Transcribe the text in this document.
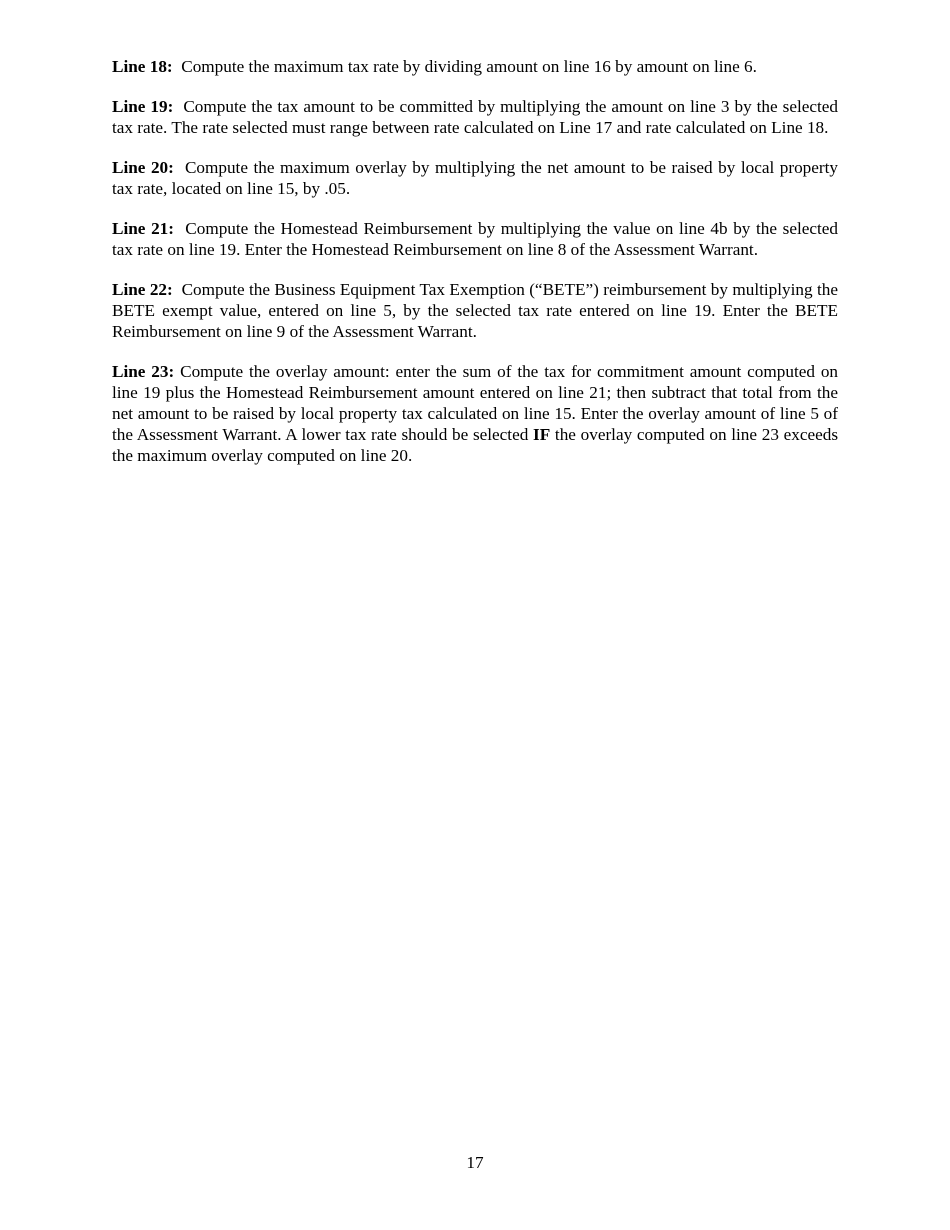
Line 18: Compute the maximum tax rate by dividing amount on line 16 by amount on line 6.

Line 19: Compute the tax amount to be committed by multiplying the amount on line 3 by the selected tax rate. The rate selected must range between rate calculated on Line 17 and rate calculated on Line 18.

Line 20: Compute the maximum overlay by multiplying the net amount to be raised by local property tax rate, located on line 15, by .05.

Line 21: Compute the Homestead Reimbursement by multiplying the value on line 4b by the selected tax rate on line 19. Enter the Homestead Reimbursement on line 8 of the Assessment Warrant.

Line 22: Compute the Business Equipment Tax Exemption (“BETE”) reimbursement by multiplying the BETE exempt value, entered on line 5, by the selected tax rate entered on line 19. Enter the BETE Reimbursement on line 9 of the Assessment Warrant.

Line 23: Compute the overlay amount: enter the sum of the tax for commitment amount computed on line 19 plus the Homestead Reimbursement amount entered on line 21; then subtract that total from the net amount to be raised by local property tax calculated on line 15. Enter the overlay amount of line 5 of the Assessment Warrant. A lower tax rate should be selected IF the overlay computed on line 23 exceeds the maximum overlay computed on line 20.

17
